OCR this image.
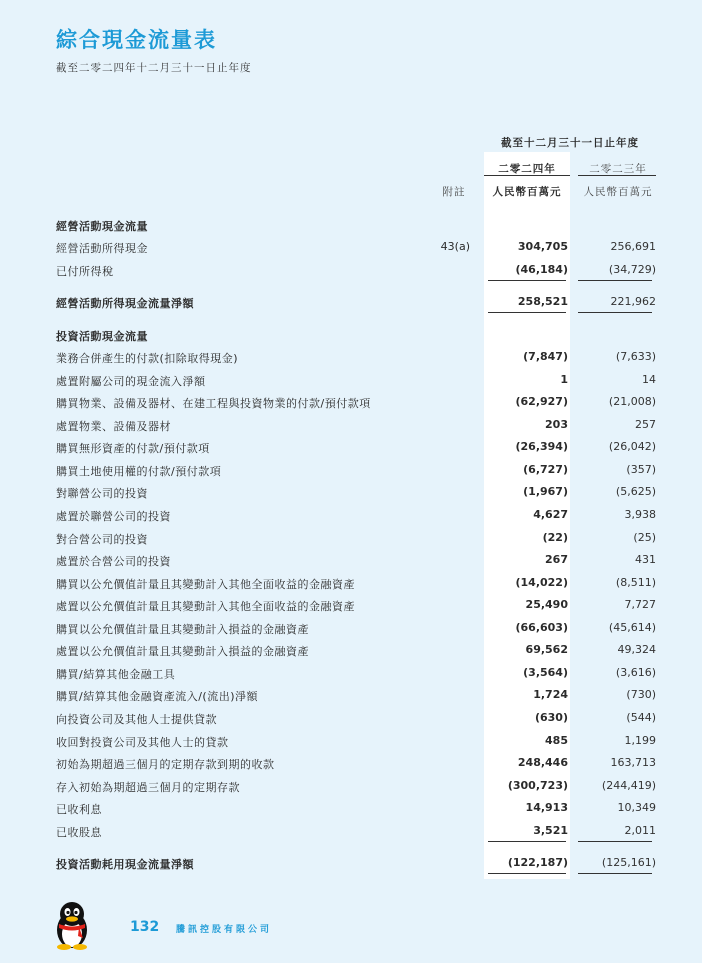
綜合現金流量表
截至二零二四年十二月三十一日止年度
截至十二月三十一日止年度
二零二四年	二零二三年
附註	人民幣百萬元	人民幣百萬元
經營活動現金流量
經營活動所得現金	43(a)	304,705	256,691
已付所得稅	(46,184)	(34,729)
經營活動所得現金流量淨額	258,521	221,962
投資活動現金流量
業務合併產生的付款(扣除取得現金)	(7,847)	(7,633)
處置附屬公司的現金流入淨額	1	14
購買物業、設備及器材、在建工程與投資物業的付款/預付款項	(62,927)	(21,008)
處置物業、設備及器材	203	257
購買無形資產的付款/預付款項	(26,394)	(26,042)
購買土地使用權的付款/預付款項	(6,727)	(357)
對聯營公司的投資	(1,967)	(5,625)
處置於聯營公司的投資	4,627	3,938
對合營公司的投資	(22)	(25)
處置於合營公司的投資	267	431
購買以公允價值計量且其變動計入其他全面收益的金融資產	(14,022)	(8,511)
處置以公允價值計量且其變動計入其他全面收益的金融資產	25,490	7,727
購買以公允價值計量且其變動計入損益的金融資產	(66,603)	(45,614)
處置以公允價值計量且其變動計入損益的金融資產	69,562	49,324
購買/結算其他金融工具	(3,564)	(3,616)
購買/結算其他金融資產流入/(流出)淨額	1,724	(730)
向投資公司及其他人士提供貸款	(630)	(544)
收回對投資公司及其他人士的貸款	485	1,199
初始為期超過三個月的定期存款到期的收款	248,446	163,713
存入初始為期超過三個月的定期存款	(300,723)	(244,419)
已收利息	14,913	10,349
已收股息	3,521	2,011
投資活動耗用現金流量淨額	(122,187)	(125,161)
132 騰訊控股有限公司
